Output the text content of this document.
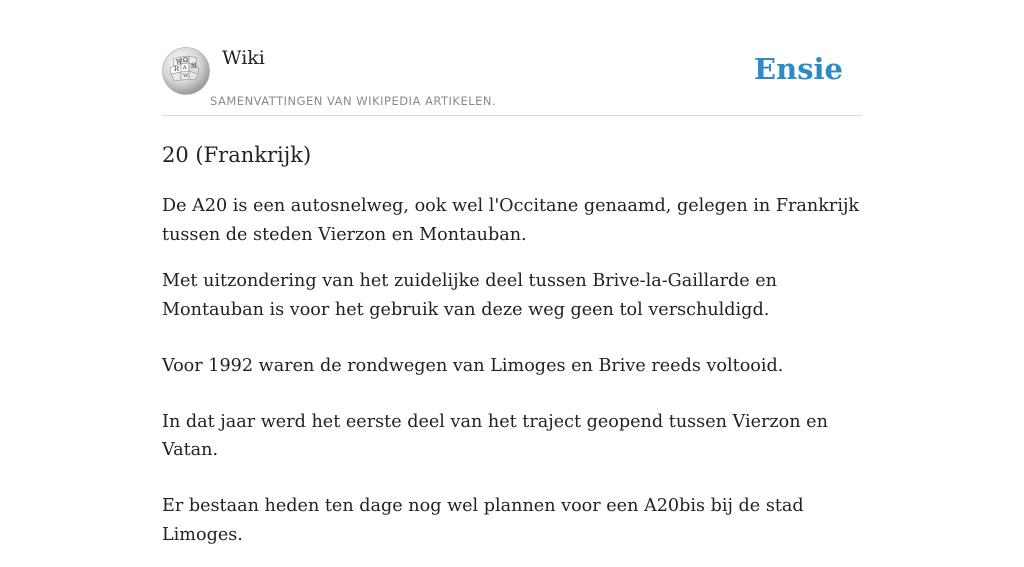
W Ω
И 維
ʌ
W
Wiki
SAMENVATTINGEN VAN WIKIPEDIA ARTIKELEN.
Ensie
20 (Frankrijk)

De A20 is een autosnelweg, ook wel l'Occitane genaamd, gelegen in Frankrijk tussen de steden Vierzon en Montauban.

Met uitzondering van het zuidelijke deel tussen Brive-la-Gaillarde en Montauban is voor het gebruik van deze weg geen tol verschuldigd.

Voor 1992 waren de rondwegen van Limoges en Brive reeds voltooid.

In dat jaar werd het eerste deel van het traject geopend tussen Vierzon en Vatan.

Er bestaan heden ten dage nog wel plannen voor een A20bis bij de stad Limoges.
